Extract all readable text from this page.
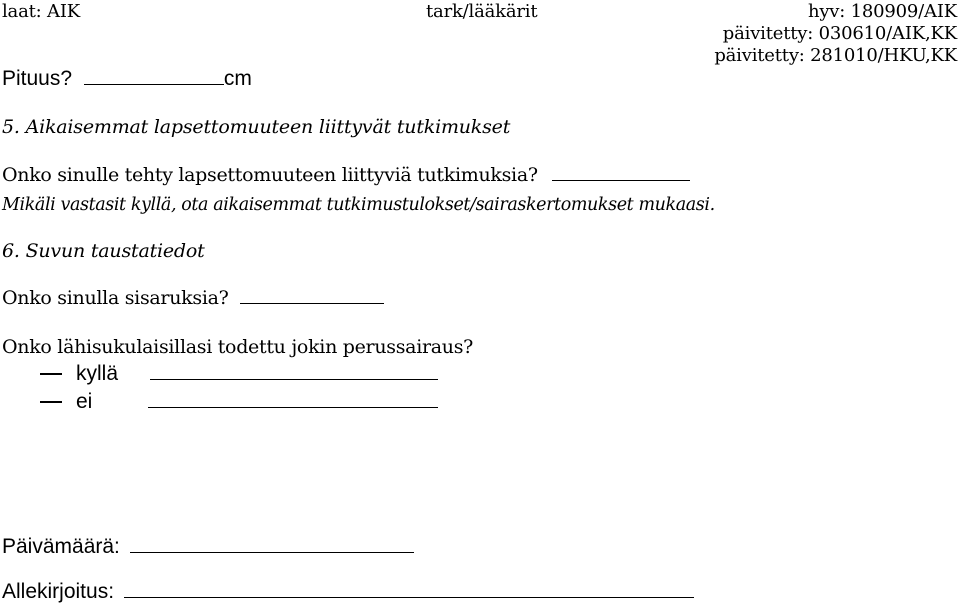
laat: AIK	tark/lääkärit	hyv: 180909/AIK
päivitetty: 030610/AIK,KK
päivitetty: 281010/HKU,KK
Pituus?	cm
5. Aikaisemmat lapsettomuuteen liittyvät tutkimukset
Onko sinulle tehty lapsettomuuteen liittyviä tutkimuksia?
Mikäli vastasit kyllä, ota aikaisemmat tutkimustulokset/sairaskertomukset mukaasi.
6. Suvun taustatiedot
Onko sinulla sisaruksia?
Onko lähisukulaisillasi todettu jokin perussairaus?
kyllä
ei
Päivämäärä:
Allekirjoitus:
